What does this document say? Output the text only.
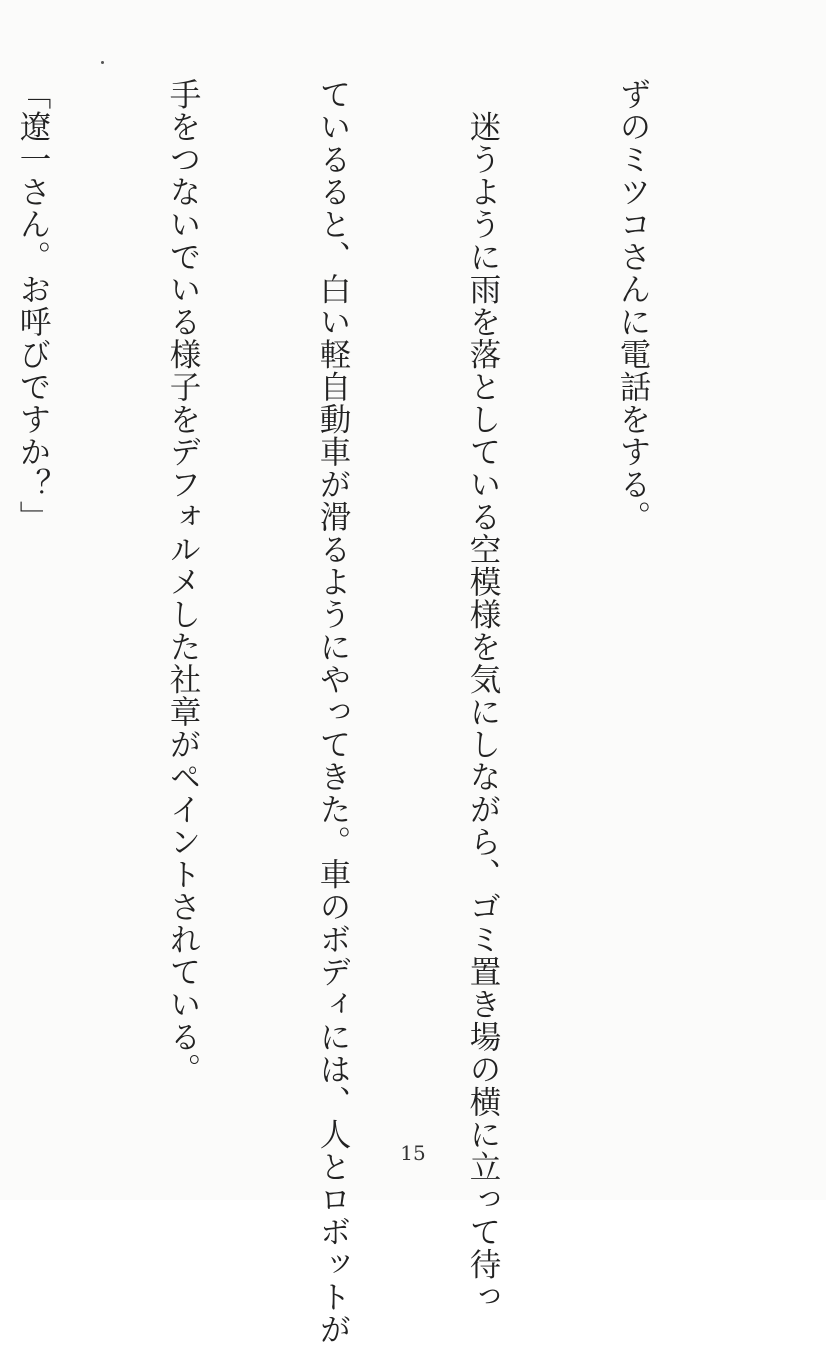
ずのミツコさんに電話をする。

　迷うように雨を落としている空模様を気にしながら、ゴミ置き場の横に立って待っ

ているると、白い軽自動車が滑るようにやってきた。車のボディには、人とロボットが

手をつないでいる様子をデフォルメした社章がペイントされている。

「遼一さん。お呼びですか？」

15
